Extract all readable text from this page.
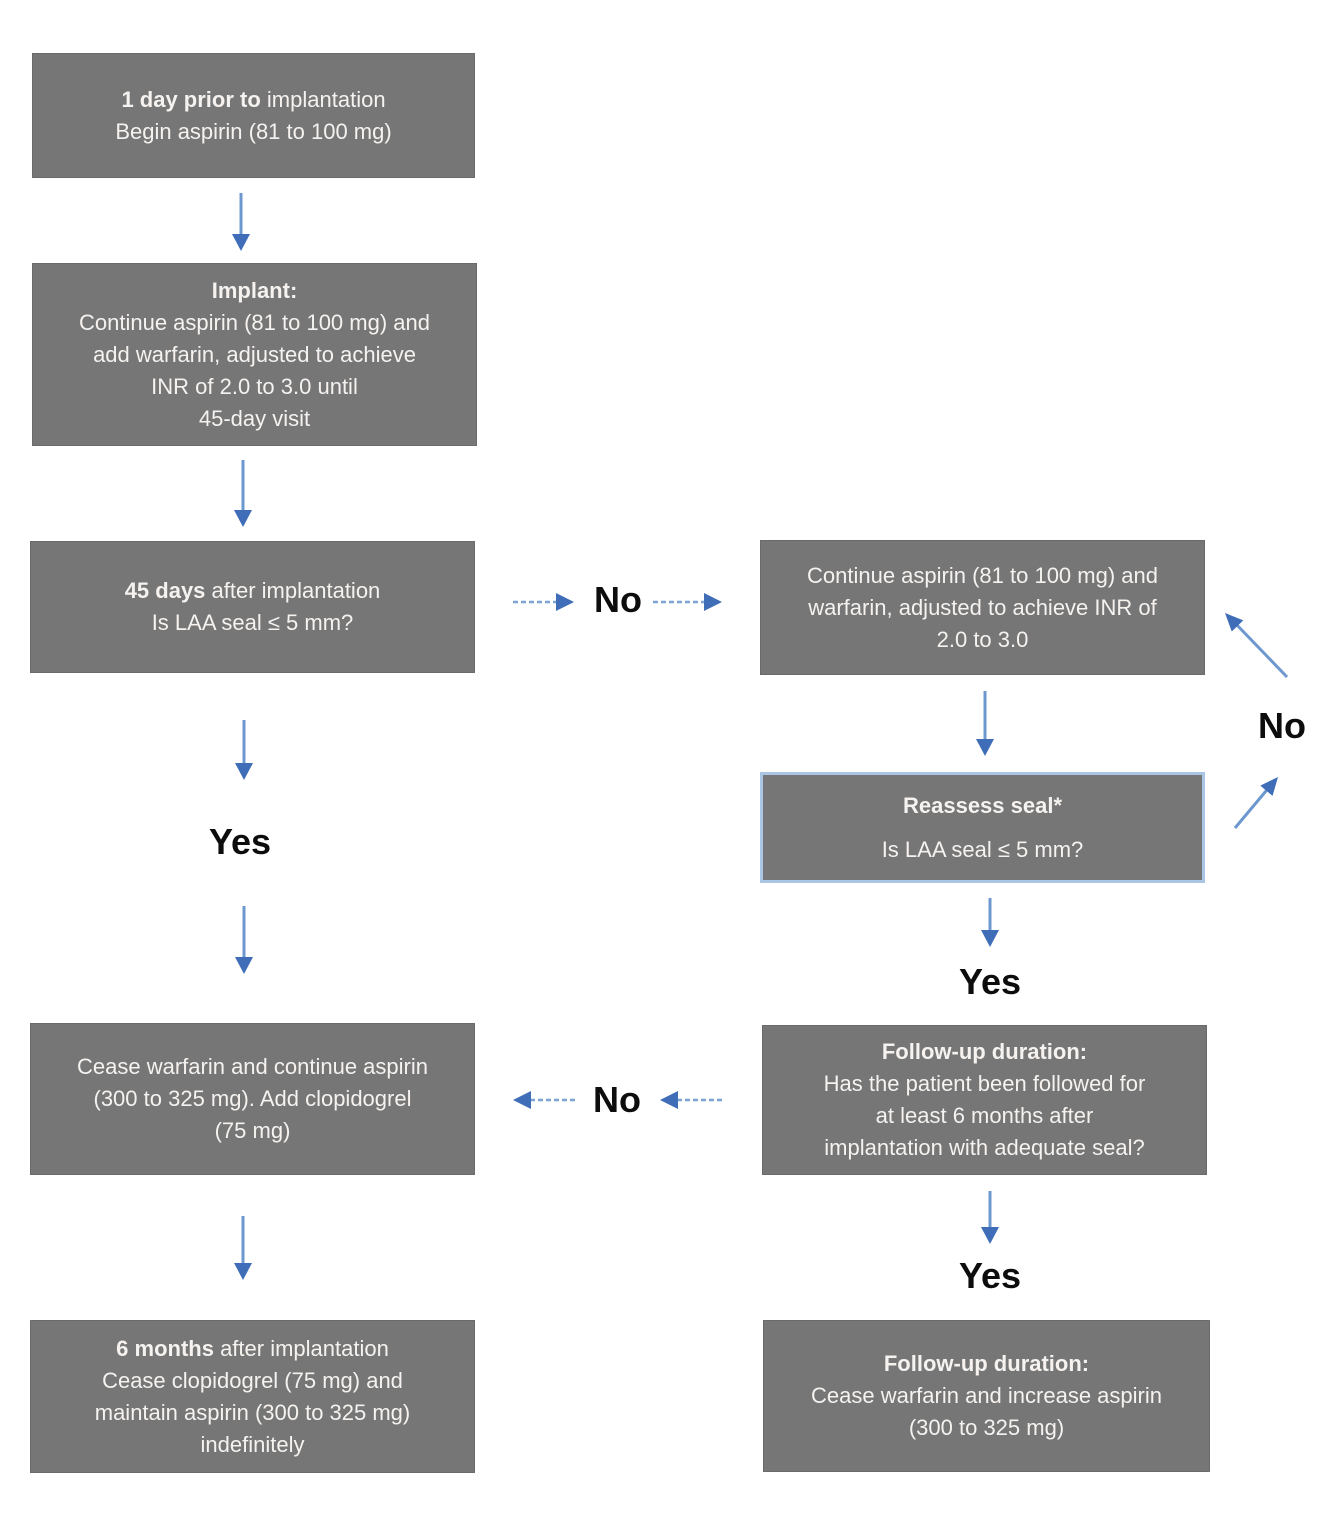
1 day prior to implantation
Begin aspirin (81 to 100 mg)
Implant:
Continue aspirin (81 to 100 mg) and
add warfarin, adjusted to achieve
INR of 2.0 to 3.0 until
45-day visit
45 days after implantation
Is LAA seal ≤ 5 mm?
Cease warfarin and continue aspirin
(300 to 325 mg). Add clopidogrel
(75 mg)
6 months after implantation
Cease clopidogrel (75 mg) and
maintain aspirin (300 to 325 mg)
indefinitely
Continue aspirin (81 to 100 mg) and
warfarin, adjusted to achieve INR of
2.0 to 3.0
Reassess seal*
Is LAA seal ≤ 5 mm?
Follow-up duration:
Has the patient been followed for
at least 6 months after
implantation with adequate seal?
Follow-up duration:
Cease warfarin and increase aspirin
(300 to 325 mg)
No
Yes
No
Yes
No
Yes
